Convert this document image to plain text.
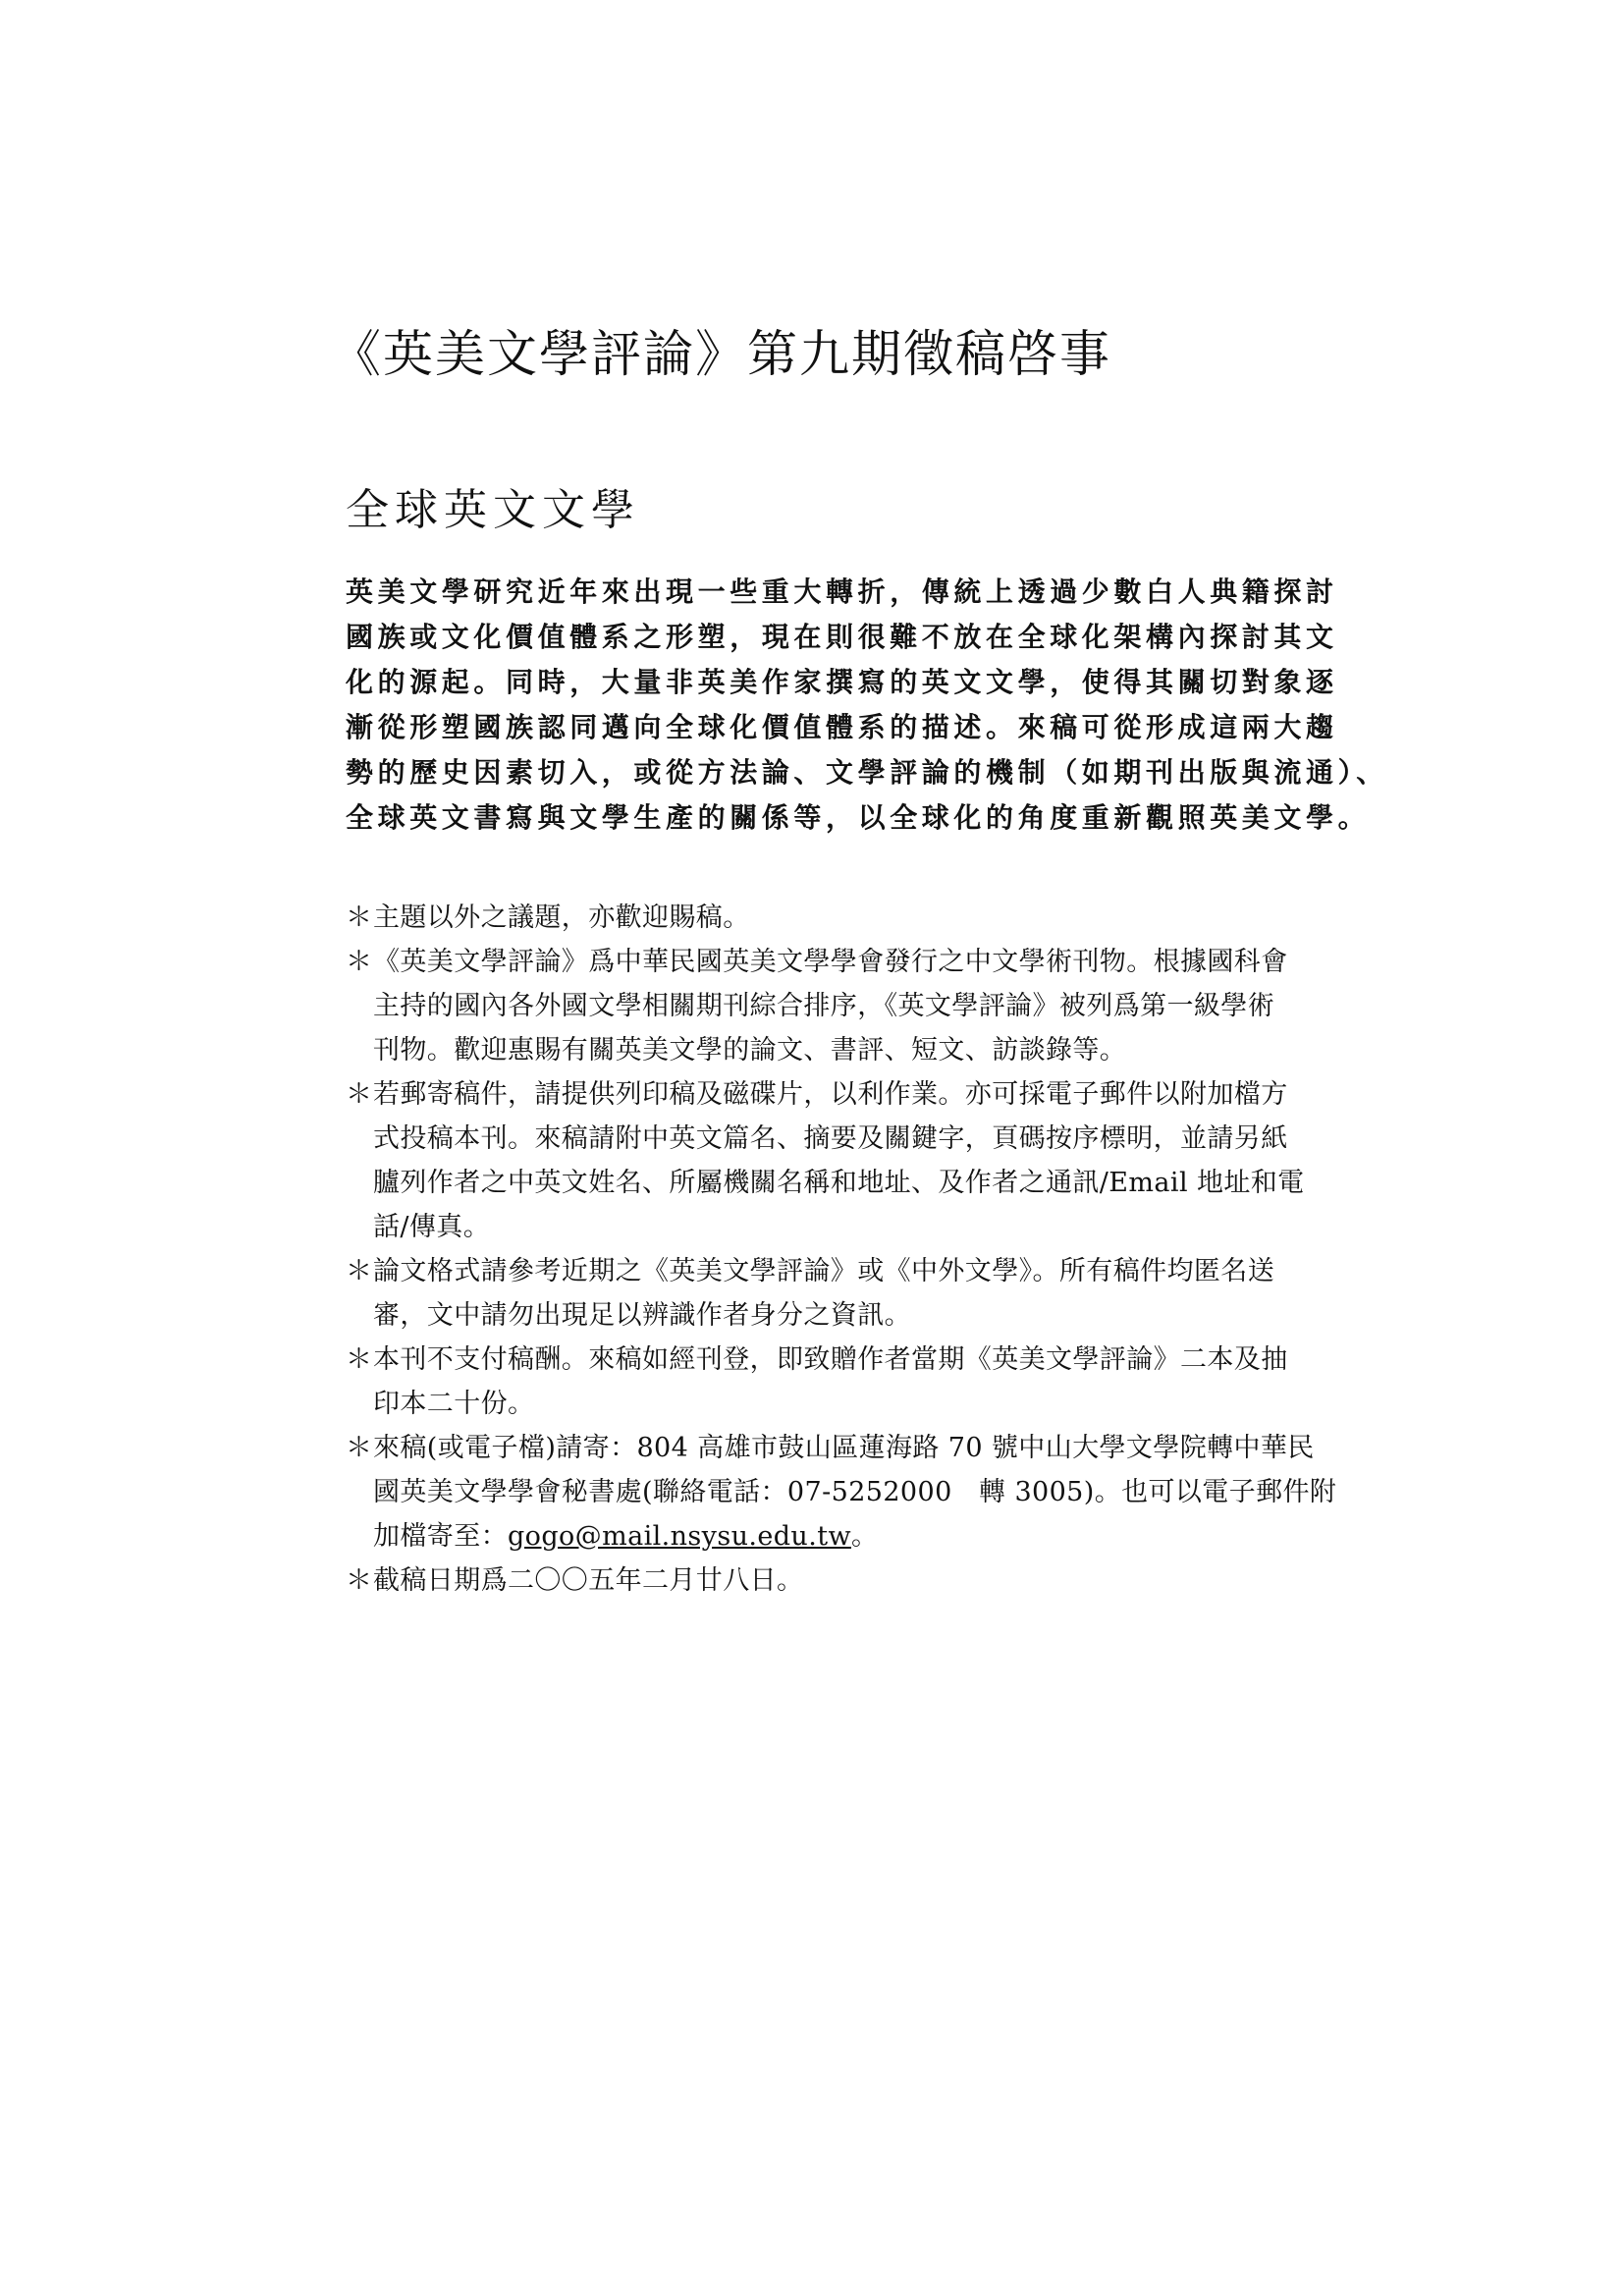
《英美文學評論》第九期徵稿啓事
全球英文文學
英美文學研究近年來出現一些重大轉折，傳統上透過少數白人典籍探討
國族或文化價值體系之形塑，現在則很難不放在全球化架構內探討其文
化的源起。同時，大量非英美作家撰寫的英文文學，使得其關切對象逐
漸從形塑國族認同邁向全球化價值體系的描述。來稿可從形成這兩大趨
勢的歷史因素切入，或從方法論、文學評論的機制（如期刊出版與流通）、
全球英文書寫與文學生產的關係等，以全球化的角度重新觀照英美文學。
＊ 主題以外之議題，亦歡迎賜稿。
＊ 《英美文學評論》爲中華民國英美文學學會發行之中文學術刊物。根據國科會
主持的國內各外國文學相關期刊綜合排序，《英文學評論》被列爲第一級學術
刊物。歡迎惠賜有關英美文學的論文、書評、短文、訪談錄等。
＊ 若郵寄稿件，請提供列印稿及磁碟片，以利作業。亦可採電子郵件以附加檔方
式投稿本刊。來稿請附中英文篇名、摘要及關鍵字，頁碼按序標明，並請另紙
臚列作者之中英文姓名、所屬機關名稱和地址、及作者之通訊/Email 地址和電
話/傳真。
＊ 論文格式請參考近期之《英美文學評論》或《中外文學》。所有稿件均匿名送
審，文中請勿出現足以辨識作者身分之資訊。
＊ 本刊不支付稿酬。來稿如經刊登，即致贈作者當期《英美文學評論》二本及抽
印本二十份。
＊ 來稿(或電子檔)請寄：804 高雄市鼓山區蓮海路 70 號中山大學文學院轉中華民
國英美文學學會秘書處(聯絡電話：07-5252000　轉 3005)。也可以電子郵件附
加檔寄至：gogo@mail.nsysu.edu.tw。
＊ 截稿日期爲二〇〇五年二月廿八日。
